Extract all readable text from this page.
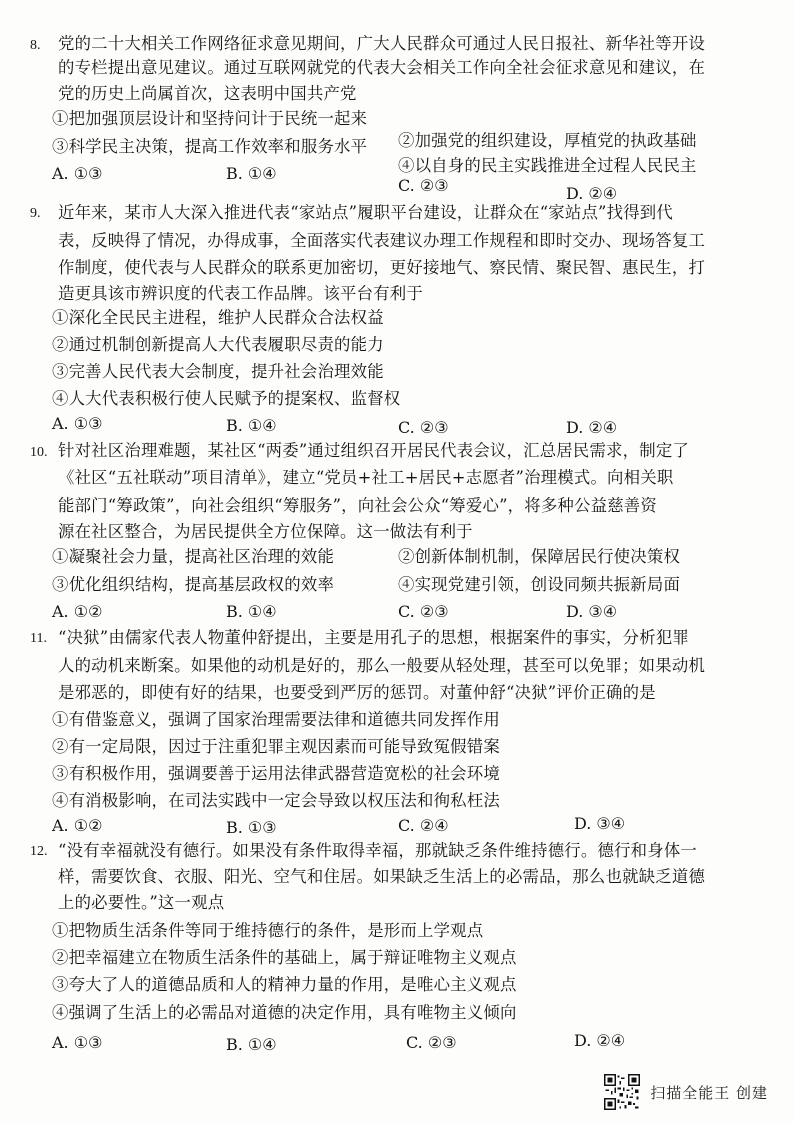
8. 党的二十大相关工作网络征求意见期间，广大人民群众可通过人民日报社、新华社等开设
的专栏提出意见建议。通过互联网就党的代表大会相关工作向全社会征求意见和建议，在
党的历史上尚属首次，这表明中国共产党
①把加强顶层设计和坚持问计于民统一起来
②加强党的组织建设，厚植党的执政基础
③科学民主决策，提高工作效率和服务水平
④以自身的民主实践推进全过程人民民主
A. ①③	B. ①④
C. ②③	D. ②④
9. 近年来，某市人大深入推进代表“家站点”履职平台建设，让群众在“家站点”找得到代
表，反映得了情况，办得成事，全面落实代表建议办理工作规程和即时交办、现场答复工
作制度，使代表与人民群众的联系更加密切，更好接地气、察民情、聚民智、惠民生，打
造更具该市辨识度的代表工作品牌。该平台有利于
①深化全民民主进程，维护人民群众合法权益
②通过机制创新提高人大代表履职尽责的能力
③完善人民代表大会制度，提升社会治理效能
④人大代表积极行使人民赋予的提案权、监督权
A. ①③	B. ①④	C. ②③	D. ②④
10. 针对社区治理难题，某社区“两委”通过组织召开居民代表会议，汇总居民需求，制定了
《社区“五社联动”项目清单》，建立“党员+社工+居民+志愿者”治理模式。向相关职
能部门“筹政策”，向社会组织“筹服务”，向社会公众“筹爱心”，将多种公益慈善资
源在社区整合，为居民提供全方位保障。这一做法有利于
①凝聚社会力量，提高社区治理的效能	②创新体制机制，保障居民行使决策权
③优化组织结构，提高基层政权的效率	④实现党建引领，创设同频共振新局面
A. ①②	B. ①④	C. ②③	D. ③④
11. “决狱”由儒家代表人物董仲舒提出，主要是用孔子的思想，根据案件的事实，分析犯罪
人的动机来断案。如果他的动机是好的，那么一般要从轻处理，甚至可以免罪；如果动机
是邪恶的，即使有好的结果，也要受到严厉的惩罚。对董仲舒“决狱”评价正确的是
①有借鉴意义，强调了国家治理需要法律和道德共同发挥作用
②有一定局限，因过于注重犯罪主观因素而可能导致冤假错案
③有积极作用，强调要善于运用法律武器营造宽松的社会环境
④有消极影响，在司法实践中一定会导致以权压法和徇私枉法
A. ①②	B. ①③	C. ②④	D. ③④
12. “没有幸福就没有德行。如果没有条件取得幸福，那就缺乏条件维持德行。德行和身体一
样，需要饮食、衣服、阳光、空气和住居。如果缺乏生活上的必需品，那么也就缺乏道德
上的必要性。”这一观点
①把物质生活条件等同于维持德行的条件，是形而上学观点
②把幸福建立在物质生活条件的基础上，属于辩证唯物主义观点
③夸大了人的道德品质和人的精神力量的作用，是唯心主义观点
④强调了生活上的必需品对道德的决定作用，具有唯物主义倾向
A. ①③	B. ①④	C. ②③	D. ②④
扫描全能王 创建
